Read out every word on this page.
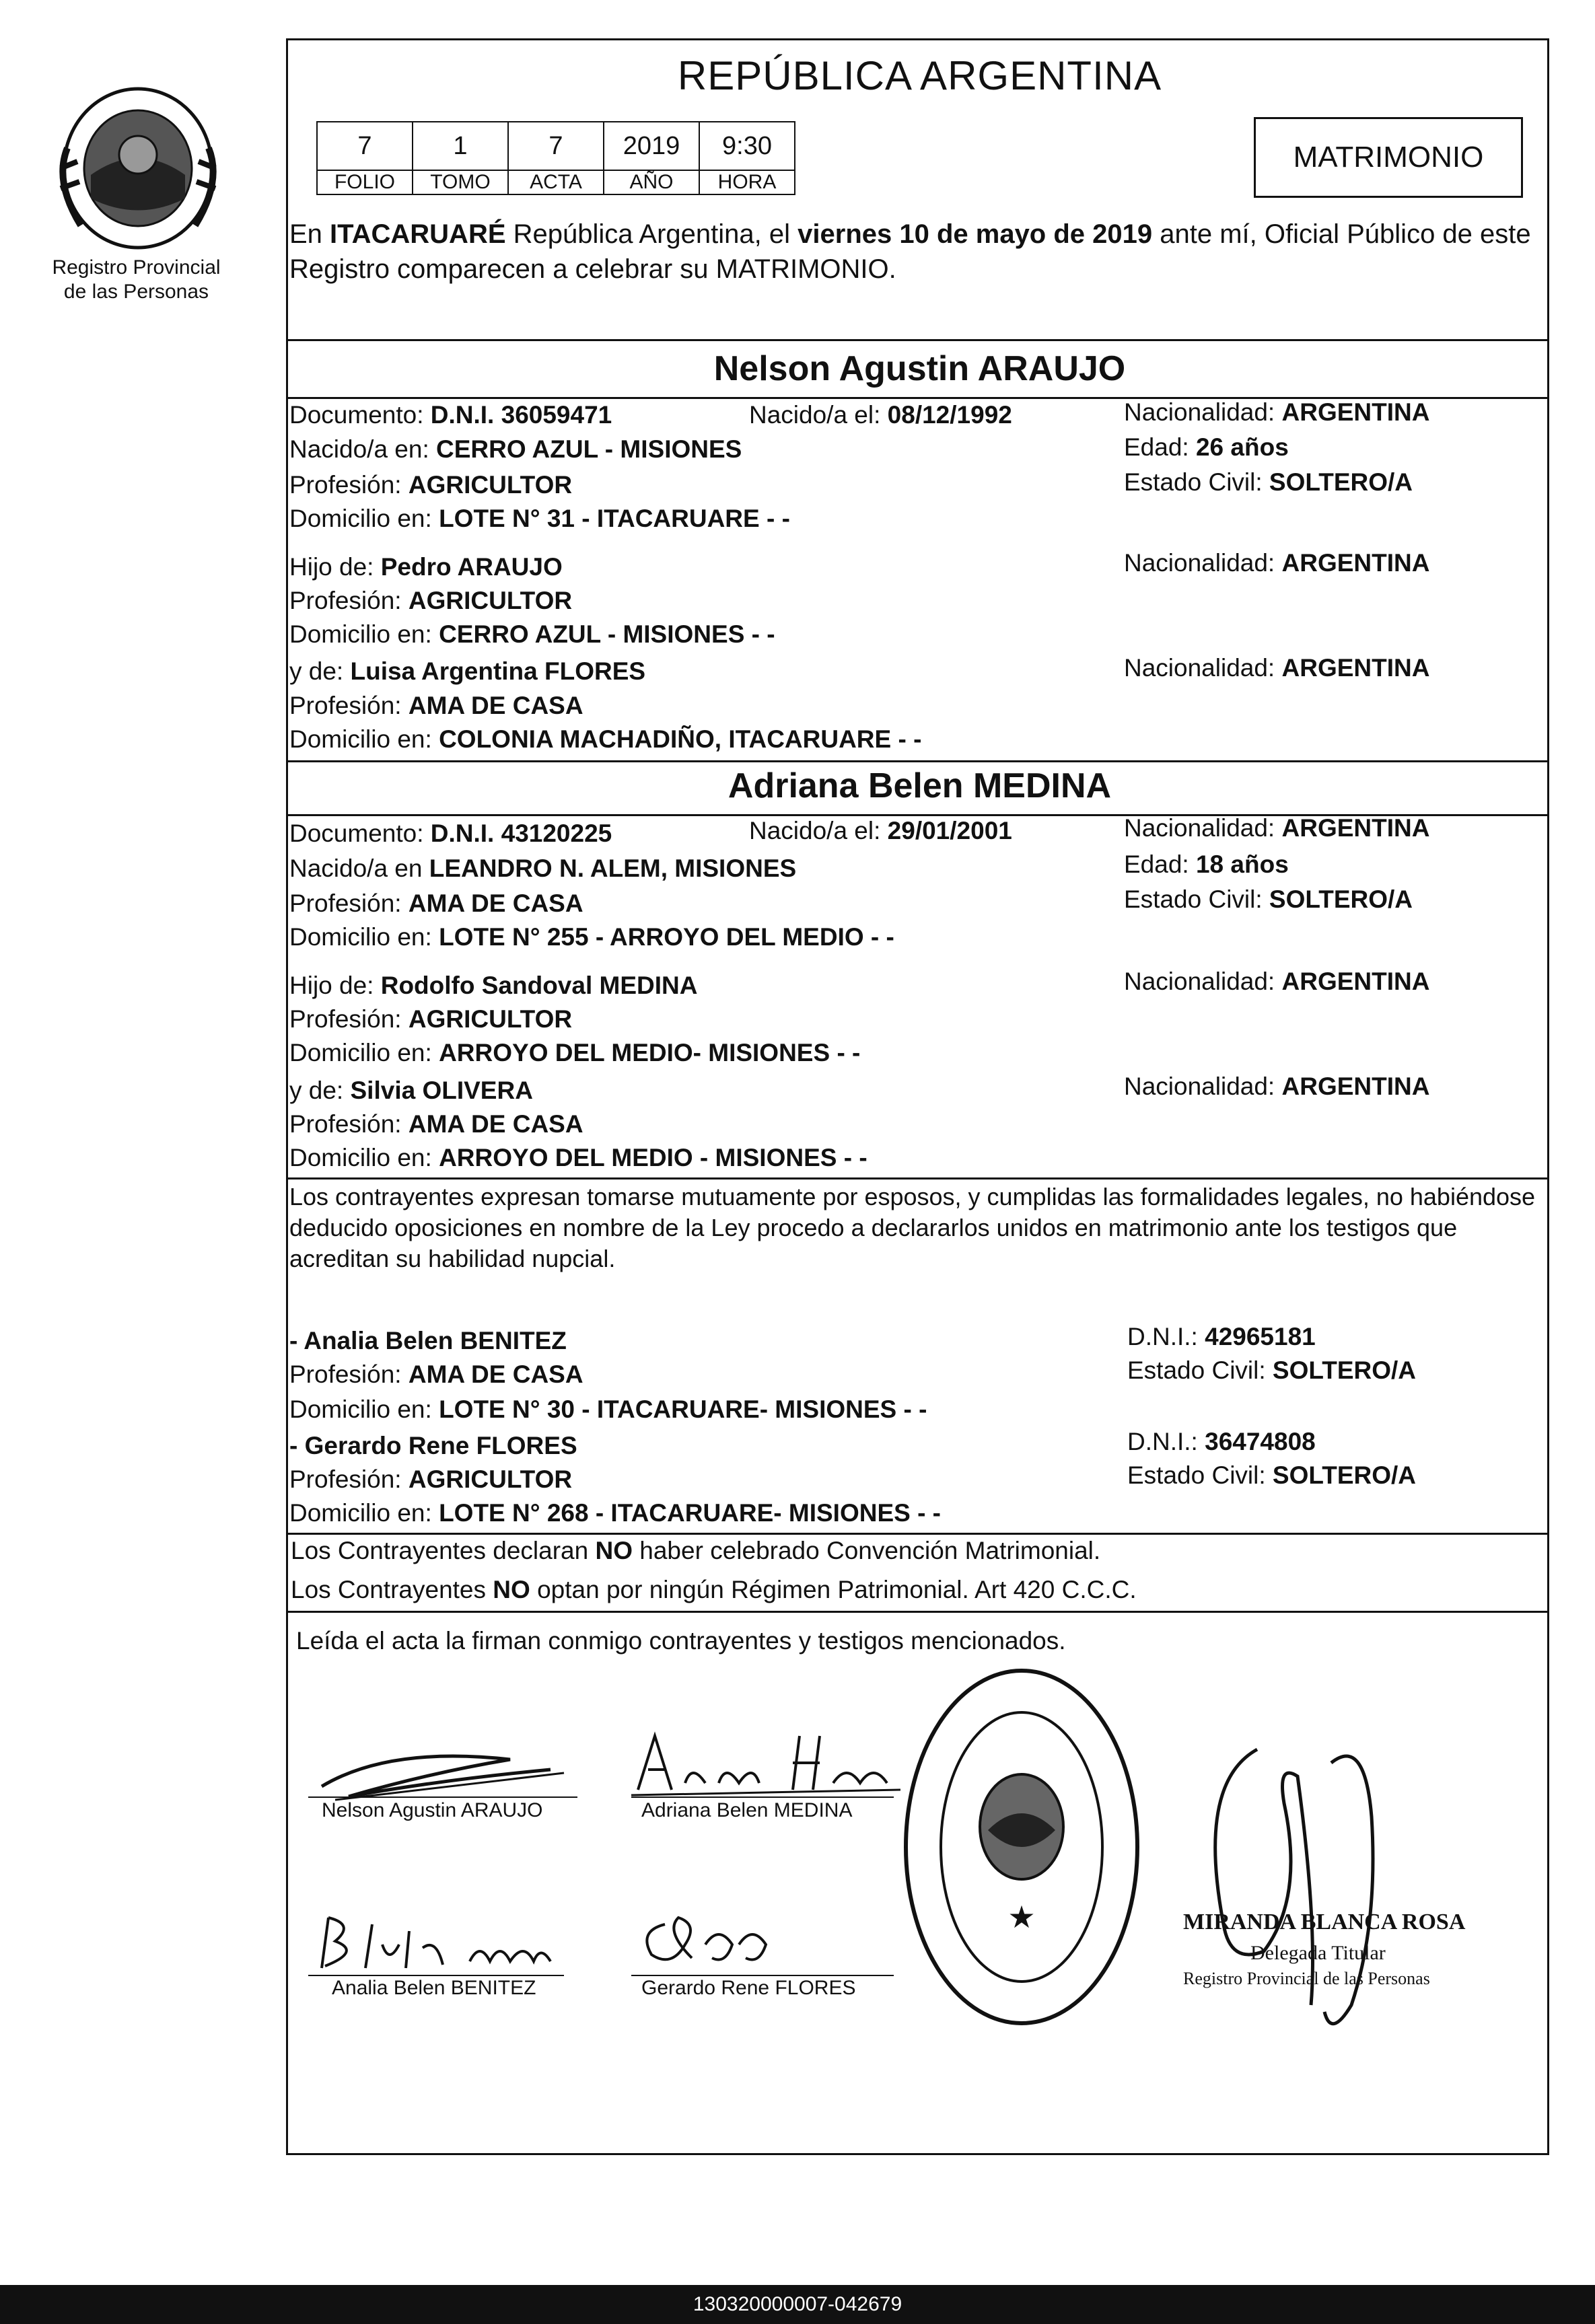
Registro Provincial
de las Personas
REPÚBLICA ARGENTINA
7	1	7	2019	9:30
FOLIO	TOMO	ACTA	AÑO	HORA
MATRIMONIO
En ITACARUARÉ República Argentina, el viernes 10 de mayo de 2019 ante mí, Oficial Público de este Registro comparecen a celebrar su MATRIMONIO.
Nelson Agustin ARAUJO
Documento: D.N.I. 36059471	Nacido/a el: 08/12/1992	Nacionalidad: ARGENTINA
Nacido/a en: CERRO AZUL - MISIONES	Edad: 26 años
Profesión: AGRICULTOR	Estado Civil: SOLTERO/A
Domicilio en: LOTE N° 31 - ITACARUARE - -
Hijo de: Pedro ARAUJO	Nacionalidad: ARGENTINA
Profesión: AGRICULTOR
Domicilio en: CERRO AZUL - MISIONES - -
y de: Luisa Argentina FLORES	Nacionalidad: ARGENTINA
Profesión: AMA DE CASA
Domicilio en: COLONIA MACHADIÑO, ITACARUARE - -
Adriana Belen MEDINA
Documento: D.N.I. 43120225	Nacido/a el: 29/01/2001	Nacionalidad: ARGENTINA
Nacido/a en LEANDRO N. ALEM, MISIONES	Edad: 18 años
Profesión: AMA DE CASA	Estado Civil: SOLTERO/A
Domicilio en: LOTE N° 255 - ARROYO DEL MEDIO - -
Hijo de: Rodolfo Sandoval MEDINA	Nacionalidad: ARGENTINA
Profesión: AGRICULTOR
Domicilio en: ARROYO DEL MEDIO- MISIONES - -
y de: Silvia OLIVERA	Nacionalidad: ARGENTINA
Profesión: AMA DE CASA
Domicilio en: ARROYO DEL MEDIO - MISIONES - -
Los contrayentes expresan tomarse mutuamente por esposos, y cumplidas las formalidades legales, no habiéndose deducido oposiciones en nombre de la Ley procedo a declararlos unidos en matrimonio ante los testigos que acreditan su habilidad nupcial.
- Analia Belen BENITEZ	D.N.I.: 42965181
Profesión: AMA DE CASA	Estado Civil: SOLTERO/A
Domicilio en: LOTE N° 30 - ITACARUARE- MISIONES - -
- Gerardo Rene FLORES	D.N.I.: 36474808
Profesión: AGRICULTOR	Estado Civil: SOLTERO/A
Domicilio en: LOTE N° 268 - ITACARUARE- MISIONES - -
Los Contrayentes declaran NO haber celebrado Convención Matrimonial.
Los Contrayentes NO optan por ningún Régimen Patrimonial. Art 420 C.C.C.
Leída el acta la firman conmigo contrayentes y testigos mencionados.
Nelson Agustin ARAUJO	Adriana Belen MEDINA
Analia Belen BENITEZ	Gerardo Rene FLORES
★	MIRANDA BLANCA ROSA
Delegada Titular
Registro Provincial de las Personas
130320000007-042679
